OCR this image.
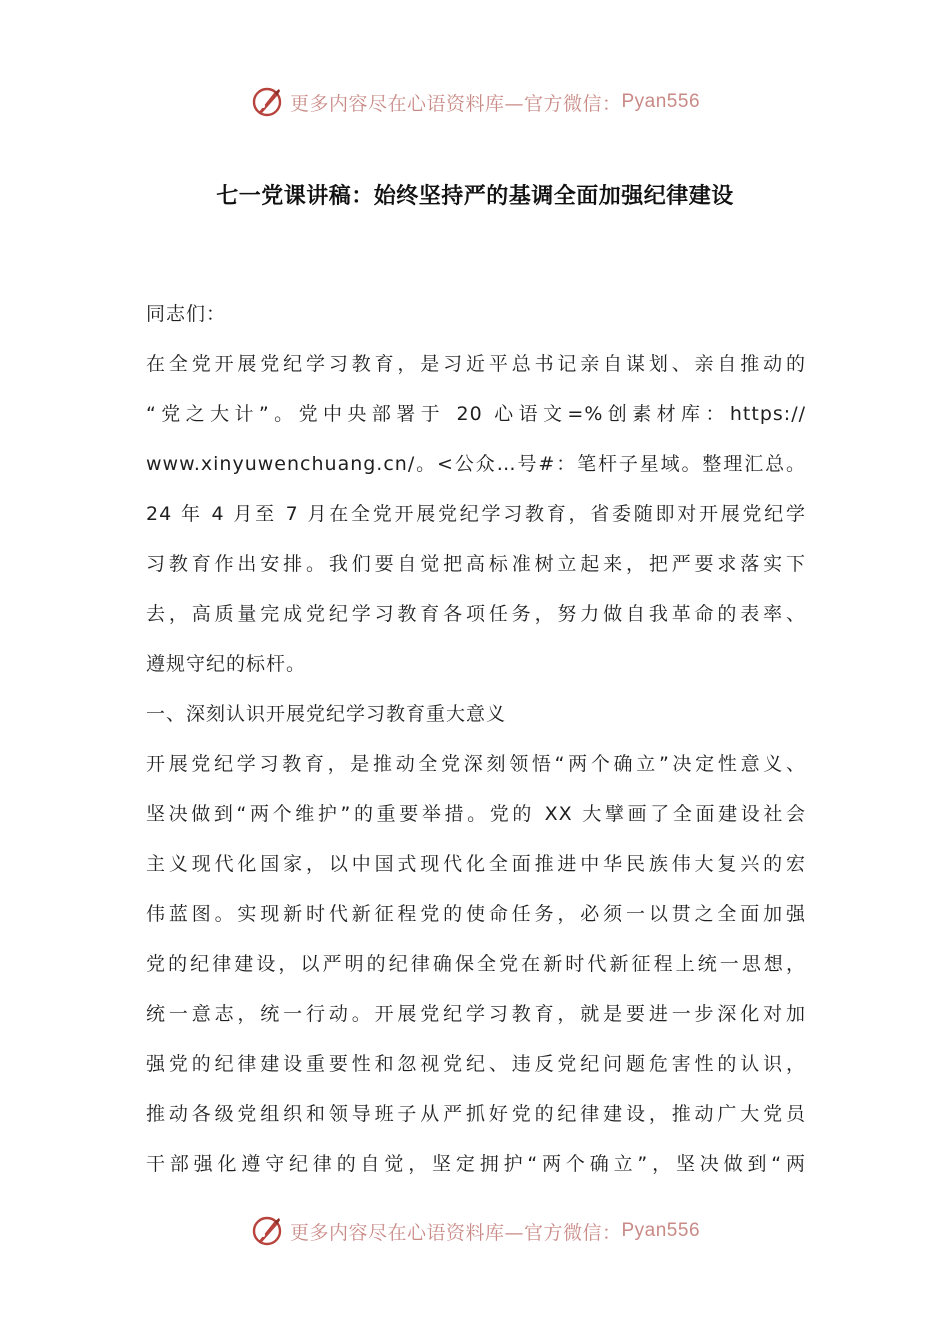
更多内容尽在心语资料库—官方微信： Pyan556
七一党课讲稿：始终坚持严的基调全面加强纪律建设
同志们：
在全党开展党纪学习教育，是习近平总书记亲自谋划、亲自推动的
“党之大计”。党中央部署于 20 心语文=%创素材库：https://
www.xinyuwenchuang.cn/。<公众…号#：笔杆子星域。整理汇总。
24 年 4 月至 7 月在全党开展党纪学习教育，省委随即对开展党纪学
习教育作出安排。我们要自觉把高标准树立起来，把严要求落实下
去，高质量完成党纪学习教育各项任务，努力做自我革命的表率、
遵规守纪的标杆。
一、深刻认识开展党纪学习教育重大意义
开展党纪学习教育，是推动全党深刻领悟“两个确立”决定性意义、
坚决做到“两个维护”的重要举措。党的 XX 大擘画了全面建设社会
主义现代化国家，以中国式现代化全面推进中华民族伟大复兴的宏
伟蓝图。实现新时代新征程党的使命任务，必须一以贯之全面加强
党的纪律建设，以严明的纪律确保全党在新时代新征程上统一思想，
统一意志，统一行动。开展党纪学习教育，就是要进一步深化对加
强党的纪律建设重要性和忽视党纪、违反党纪问题危害性的认识，
推动各级党组织和领导班子从严抓好党的纪律建设，推动广大党员
干部强化遵守纪律的自觉，坚定拥护“两个确立”，坚决做到“两
更多内容尽在心语资料库—官方微信： Pyan556
